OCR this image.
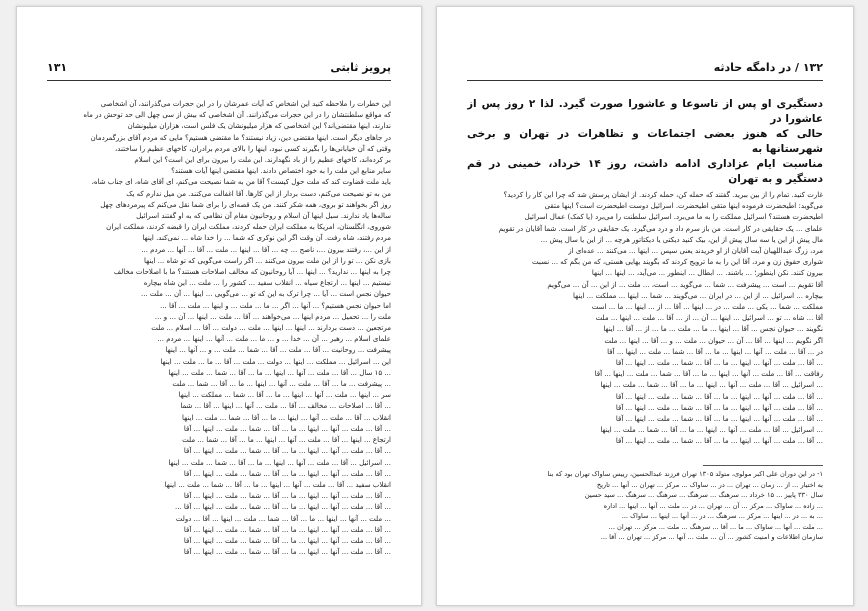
۱۳۱	پرویز ثابتی

این خطرات را ملاحظه کنید این اشخاص که آیات عمرشان را در این حجرات می‌گذرانند، آن اشخاصی

که مواقع سلطنتشان را در این حجرات می‌گذرانند. آن اشخاصی که بیش از سی چهل الی حد توحش در ماه

ندارند، اینها مقتضی‌اند؟ این اشخاصی که هزار میلیونشان یک فلس است، هزاران میلیونشان

در جاهای دیگر است. اینها مقتضی دین، زیاد نیستند؟ ما مقتضی هستیم؟ مایی که مردم آقای بزرگمردمان

وقتی که آن خیابانی‌ها را بگیرند کسی نبود، اینها را بالای مردم برادران، کاخهای عظیم را ساختند،

بر کرده‌اند، کاخهای عظیم را از باد نگهدارند. این ملت را بیرون برای این است؟ این اسلام

سایر منابع این ملت را به خود اختصاص دادند. اینها مقتضی اینها آیات هستند؟

باید ملت قضاوت کند که ملت حول کیست؟ آقا من به شما نصیحت می‌کنم، ای آقای شاه، ای جناب شاه،

من به تو نصیحت می‌کنم، دست بردار از این کارها. آقا اغفالت می‌کنند. من میل ندارم که یک

روز اگر بخواهند تو بروی، همه شکر کنند. من یک قصه‌ای را برای شما نقل می‌کنم که پیرمردهای چهل

ساله‌ها یاد ندارند. سیل اینها آن اسلام و روحانیون مقام آن نظامی که به او گفتند اسرائیل

شوروی، انگلستان، امریکا به مملکت ایران حمله کردند، مملکت ایران را قبضه کردند، مملکت ایران

مردم رفتند، شاه رفت. آن وقت اگر این نوکری که شما ... را خدا شاه ... نمی‌کند. اینها

از این ...، رفتند بیرون ...، ناصح ... چه ... آقا ... اینها ... ملت ... آقا ... آنها ... مردم ...

بازی نکن ... تو را از این ملت بیرون می‌کنند ... اگر راست می‌گویی که تو شاه ... اینها

چرا به اینها ... ندارید؟ ... اینها ... آیا روحانیون که مخالف اصلاحات هستند؟ ما با اصلاحات مخالف

نیستیم ... اینها ... ارتجاع سیاه ... انقلاب سفید ... کشور را ... ملت ... این شاه بیچاره

حیوان نجس است ... آیا ... چرا ترک به این که تو ... می‌گویی ... اینها ... آن ... ملت ...

اما حیوان نجس هستیم؟ ... آنها ... اگر ... ما ... ملت ... و اینها ... ملت ... آقا ...

ملت را ... تحمیل ... مردم اینها ... می‌خواهند ... آقا ... ملت ... اینها ... آن ... و ...

مرتجعین ... دست بردارند ... اینها ... اینها ... ملت ... دولت ... آقا ... اسلام ... ملت

علمای اسلام ... رهبر ... آن ... خدا ... و ... ما ... ملت ... آنها ... اینها ... مردم ...

پیشرفت ... روحانیت ... آقا ... ملت ... آقا ... شما ... ملت ... و ... آنها ... اینها

این ... اسرائیل ... مملکت ... اینها ... دولت ... ملت ... آقا ... ما ... ملت ... اینها

... ۱۵ سال ... آقا ... ملت ... آنها ... اینها ... ما ... آقا ... شما ... ملت ... اینها

... پیشرفت ... ما ... آقا ... ملت ... آنها ... اینها ... ما ... آقا ... شما ... ملت

سر ... اینها ... ملت ... آنها ... اینها ... ما ... آقا ... شما ... مملکت ... اینها

... آقا ... اصلاحات ... مخالف ... آقا ... ملت ... آنها ... اینها ... آقا ... شما

انقلاب ... آقا ... ملت ... آنها ... اینها ... ما ... آقا ... شما ... ملت ... اینها

... آقا ... ملت ... آنها ... اینها ... ما ... آقا ... شما ... ملت ... اینها ... آقا

ارتجاع ... اینها ... آقا ... ملت ... آنها ... اینها ... ما ... آقا ... شما ... ملت

... آقا ... ملت ... آنها ... اینها ... ما ... آقا ... شما ... ملت ... اینها ... آقا

... اسرائیل ... آقا ... ملت ... آنها ... اینها ... ما ... آقا ... شما ... ملت ... اینها

... آقا ... ملت ... آنها ... اینها ... ما ... آقا ... شما ... ملت ... اینها ... آقا

انقلاب سفید ... آقا ... ملت ... آنها ... اینها ... ما ... آقا ... شما ... ملت ... اینها

... آقا ... ملت ... آنها ... اینها ... ما ... آقا ... شما ... ملت ... اینها ... آقا

... آقا ... ملت ... آنها ... اینها ... ما ... آقا ... شما ... ملت ... اینها ... آقا ...

... ملت ... آنها ... اینها ... ما ... آقا ... شما ... ملت ... اینها ... آقا ... دولت

... آقا ... ملت ... آنها ... اینها ... ما ... آقا ... شما ... ملت ... اینها ... آقا

... آقا ... ملت ... آنها ... اینها ... ما ... آقا ... شما ... ملت ... اینها ... آقا

... آقا ... ملت ... آنها ... اینها ... ما ... آقا ... شما ... ملت ... اینها ... آقا

۱۳۲ / در دامگه حادثه

دستگیری او پس از تاسوعا و عاشورا صورت گیرد. لذا ۲ روز پس از عاشورا در

حالی که هنوز بعضی اجتماعات و تظاهرات در تهران و برخی شهرستانها به

مناسبت ایام عزاداری ادامه داشت، روز ۱۴ خرداد، خمینی در قم دستگیر و به تهران

غارت کنید. تمام را از بین ببرید. گفتند که حمله کن، حمله کردند. از ایشان پرسش شد که چرا این کار را کردید؟

می‌گوید: اطیحضرت فرموده اینها متقی اطیحضرت. اسرائیل دوست اطیحضرت است؟ اینها متقی

اطیحضرت هستند؟ اسرائیل مملکت را به ما می‌برد. اسرائیل سلطنت را می‌برد (یا کمک) عمال اسرائیل

علمای ... یک حقایقی در کار است. من باز سرم داد و درد می‌گیرد. یک حقایقی در کار است. شما آقایان در تقویم

مال پیش از این یا سه سال پیش از این، بیک کنید دیکتی یا دیکتاتور هرچه ... از این یا سال پیش ...

مرد، زرگ عبداللهیان آیت آقایان از او خریدند یعنی سپس ... اینها ... می‌کنند ... عده‌ای از

شواری حقوق زن و مرد، آقا این را به ما ترویج کردند که بگویند یهایی هستی، که من بگم که ... نسبت

بیرون کنند. نکن اینطور؛ ... باشند. ... ابطال ... اینطور ... می‌آید، ... اینها ... اینها

آقا تقویم ... است ... پیشرفت ... شما ... می‌گوید ... است، ... ملت ... از این ... آن ... می‌گویم

بیچاره ... اسرائیل ... از این ... در ایران ... می‌گویند ... شما ... اینها ... مملکت ... اینها

مملکت ... شما ... یکی ... ملت ... در ... اینها ... آقا ... از ... اینها ... ما ... است

آقا ... شاه ... تو ... اسرائیل ... اینها ... آن ... از ... آقا ... ملت ... اینها ... ملت

نگویند ... حیوان نجس ... آقا ... اینها ... ما ... ملت ... ما ... از ... آقا ... اینها

اگر نگویم ... اینها ... آقا ... آن ... حیوان ... ملت ... و ... آقا ... اینها ... ملت

در ... آقا ... ملت ... آنها ... اینها ... ما ... آقا ... شما ... ملت ... اینها ... آقا

... آقا ... ملت ... آنها ... اینها ... ما ... آقا ... شما ... ملت ... اینها ... آقا

رفاقت ... آقا ... ملت ... آنها ... اینها ... ما ... آقا ... شما ... ملت ... اینها ... آقا

... اسرائیل ... آقا ... ملت ... آنها ... اینها ... ما ... آقا ... شما ... ملت ... اینها

... آقا ... ملت ... آنها ... اینها ... ما ... آقا ... شما ... ملت ... اینها ... آقا

... آقا ... ملت ... آنها ... اینها ... ما ... آقا ... شما ... ملت ... اینها ... آقا

... آقا ... ملت ... آنها ... اینها ... ما ... آقا ... شما ... ملت ... اینها ... آقا

... اسرائیل ... آقا ... ملت ... آنها ... اینها ... ما ... آقا ... شما ... ملت ... اینها

... آقا ... ملت ... آنها ... اینها ... ما ... آقا ... شما ... ملت ... اینها ... آقا

۱- در این دوران علی اکبر مولوی، متولد ۱۳۰۵ تهران فرزند عبدالحسین، رییس ساواک تهران بود که بنا

به اختیار ... از ... زمان ... تهران ... در ... ساواک ... مرکز ... تهران ... آنها ... تاریخ

سال ۳۳۰ پاییز ... ۱۵ خرداد ... سرهنگ ... سرهنگ ... سرهنگ ... سرهنگ ... سید حسین

... زاده ... ساواک ... مرکز ... آن ... تهران ... در ... ملت ... آنها ... اینها ... اداره

... به ... در ... اینها ... مرکز ... سرهنگ ... در ... آنها ... اینها ... ساواک ...

... ملت ... آنها ... ساواک ... ما ... آقا ... سرهنگ ... ملت ... مرکز ... تهران ...

سازمان اطلاعات و امنیت کشور ... آن ... ملت ... آنها ... مرکز ... تهران ... آقا ...
